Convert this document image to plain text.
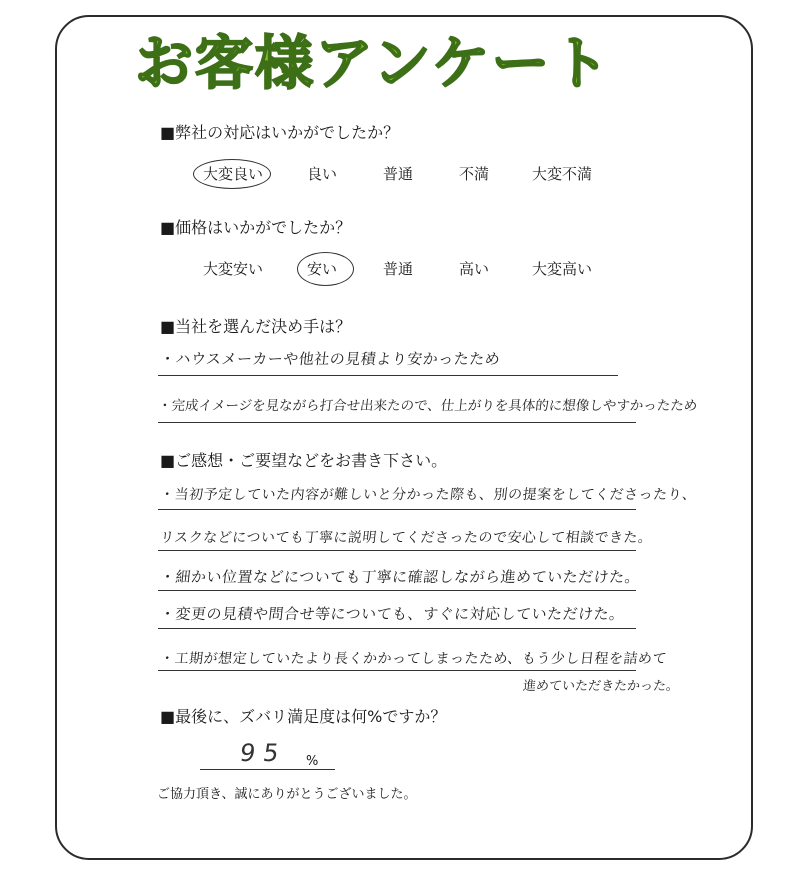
お客様アンケート
■弊社の対応はいかがでしたか？
大変良い	良い	普通	不満	大変不満
■価格はいかがでしたか？
大変安い	安い	普通	高い	大変高い
■当社を選んだ決め手は？
・ハウスメーカーや他社の見積より安かったため
・完成イメージを見ながら打合せ出来たので、仕上がりを具体的に想像しやすかったため
■ご感想・ご要望などをお書き下さい。
・当初予定していた内容が難しいと分かった際も、別の提案をしてくださったり、
リスクなどについても丁寧に説明してくださったので安心して相談できた。
・細かい位置などについても丁寧に確認しながら進めていただけた。
・変更の見積や問合せ等についても、すぐに対応していただけた。
・工期が想定していたより長くかかってしまったため、もう少し日程を詰めて
進めていただきたかった。
■最後に、ズバリ満足度は何%ですか？
95 %
ご協力頂き、誠にありがとうございました。
